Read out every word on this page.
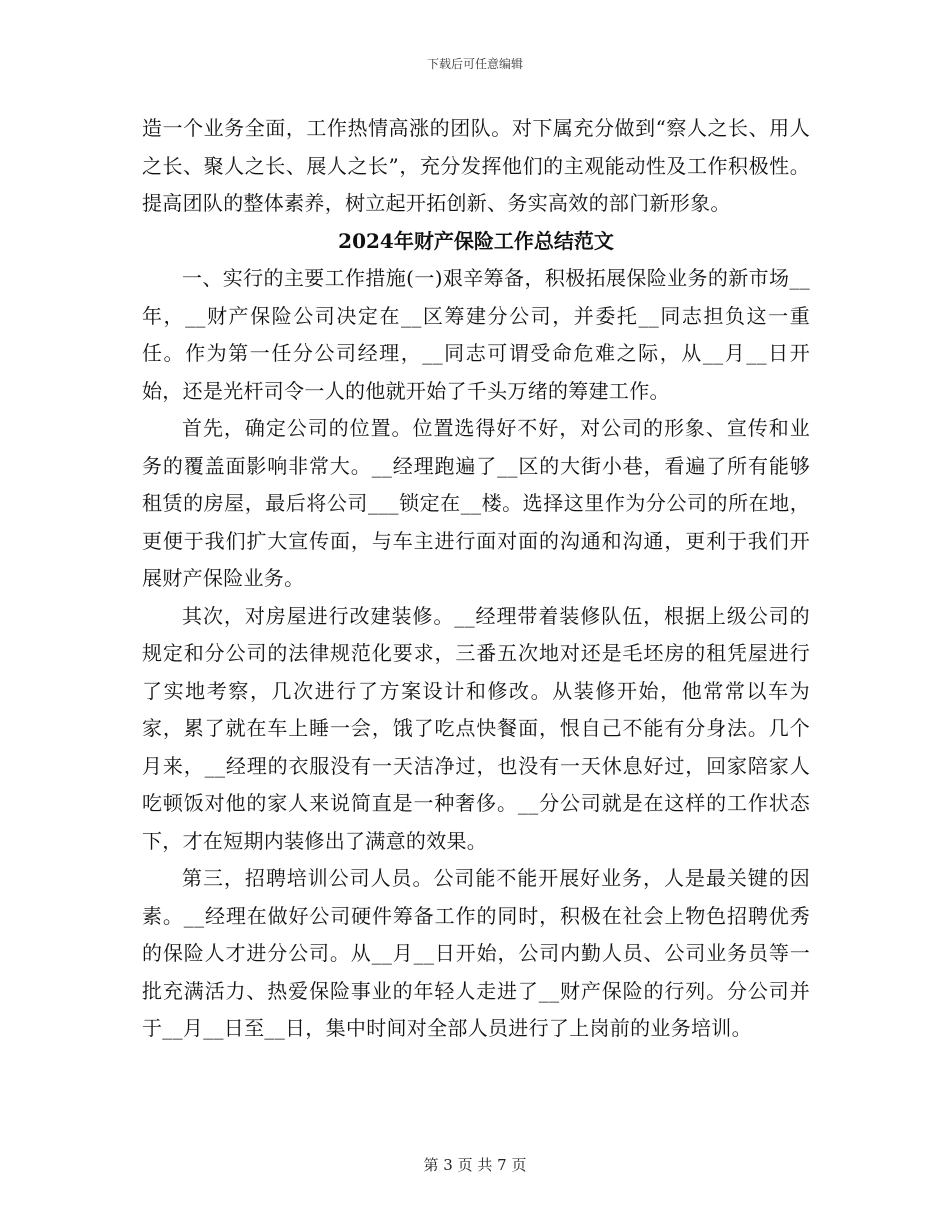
下载后可任意编辑

造一个业务全面，工作热情高涨的团队。对下属充分做到“察人之长、用人之长、聚人之长、展人之长”，充分发挥他们的主观能动性及工作积极性。提高团队的整体素养，树立起开拓创新、务实高效的部门新形象。

2024年财产保险工作总结范文

一、实行的主要工作措施(一)艰辛筹备，积极拓展保险业务的新市场__年，__财产保险公司决定在__区筹建分公司，并委托__同志担负这一重任。作为第一任分公司经理，__同志可谓受命危难之际，从__月__日开始，还是光杆司令一人的他就开始了千头万绪的筹建工作。

首先，确定公司的位置。位置选得好不好，对公司的形象、宣传和业务的覆盖面影响非常大。__经理跑遍了__区的大街小巷，看遍了所有能够租赁的房屋，最后将公司___锁定在__楼。选择这里作为分公司的所在地，更便于我们扩大宣传面，与车主进行面对面的沟通和沟通，更利于我们开展财产保险业务。

其次，对房屋进行改建装修。__经理带着装修队伍，根据上级公司的规定和分公司的法律规范化要求，三番五次地对还是毛坯房的租凭屋进行了实地考察，几次进行了方案设计和修改。从装修开始，他常常以车为家，累了就在车上睡一会，饿了吃点快餐面，恨自己不能有分身法。几个月来，__经理的衣服没有一天洁净过，也没有一天休息好过，回家陪家人吃顿饭对他的家人来说简直是一种奢侈。__分公司就是在这样的工作状态下，才在短期内装修出了满意的效果。

第三，招聘培训公司人员。公司能不能开展好业务，人是最关键的因素。__经理在做好公司硬件筹备工作的同时，积极在社会上物色招聘优秀的保险人才进分公司。从__月__日开始，公司内勤人员、公司业务员等一批充满活力、热爱保险事业的年轻人走进了__财产保险的行列。分公司并于__月__日至__日，集中时间对全部人员进行了上岗前的业务培训。

第 3 页 共 7 页
